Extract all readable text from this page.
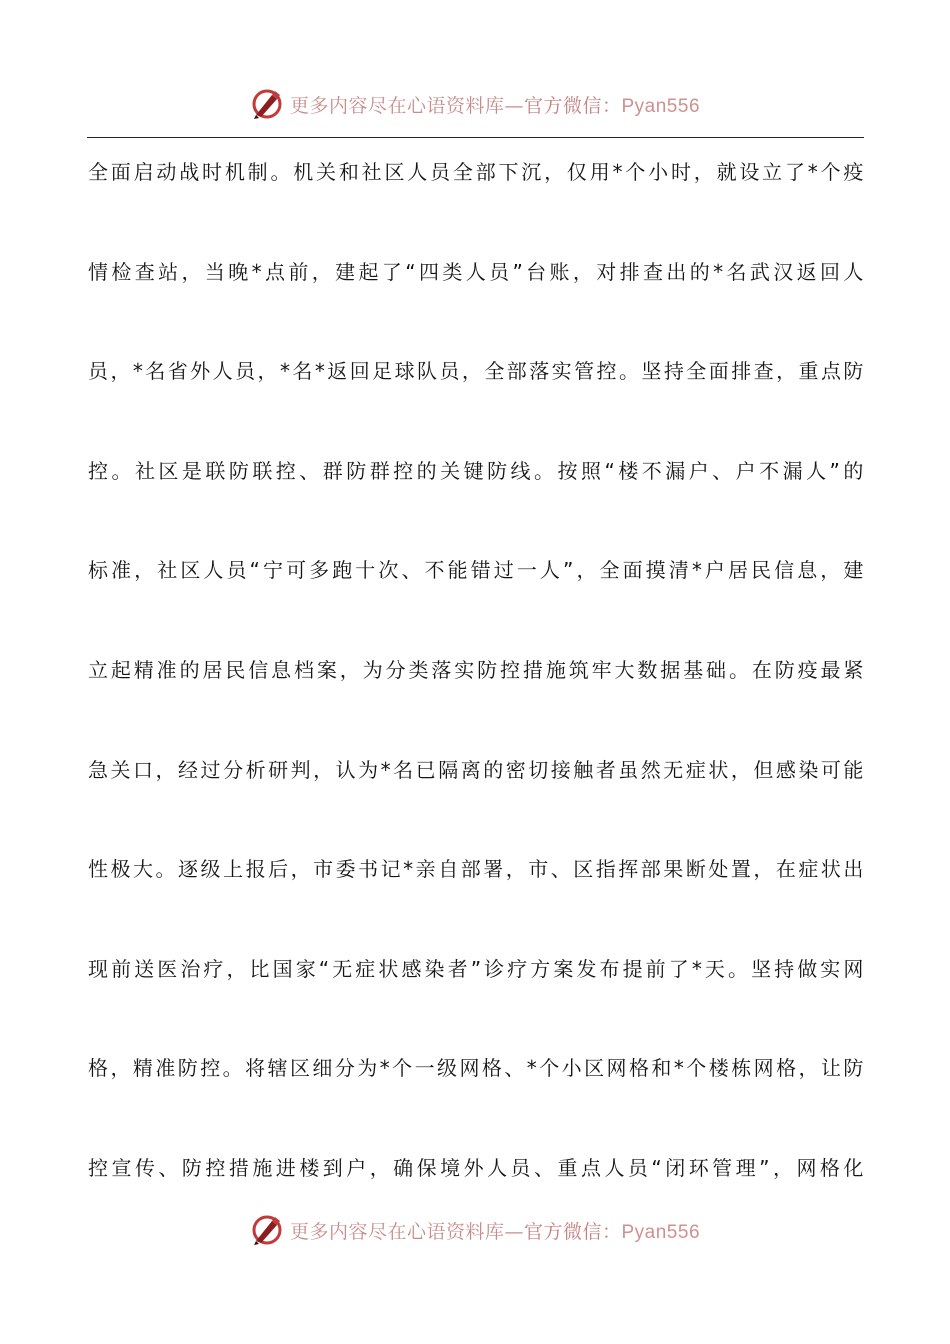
更多内容尽在心语资料库—官方微信：Pyan556
全面启动战时机制。机关和社区人员全部下沉，仅用*个小时，就设立了*个疫
情检查站，当晚*点前，建起了“四类人员”台账，对排查出的*名武汉返回人
员，*名省外人员，*名*返回足球队员，全部落实管控。坚持全面排查，重点防
控。社区是联防联控、群防群控的关键防线。按照“楼不漏户、户不漏人”的
标准，社区人员“宁可多跑十次、不能错过一人”，全面摸清*户居民信息，建
立起精准的居民信息档案，为分类落实防控措施筑牢大数据基础。在防疫最紧
急关口，经过分析研判，认为*名已隔离的密切接触者虽然无症状，但感染可能
性极大。逐级上报后，市委书记*亲自部署，市、区指挥部果断处置，在症状出
现前送医治疗，比国家“无症状感染者”诊疗方案发布提前了*天。坚持做实网
格，精准防控。将辖区细分为*个一级网格、*个小区网格和*个楼栋网格，让防
控宣传、防控措施进楼到户，确保境外人员、重点人员“闭环管理”，网格化
更多内容尽在心语资料库—官方微信：Pyan556
